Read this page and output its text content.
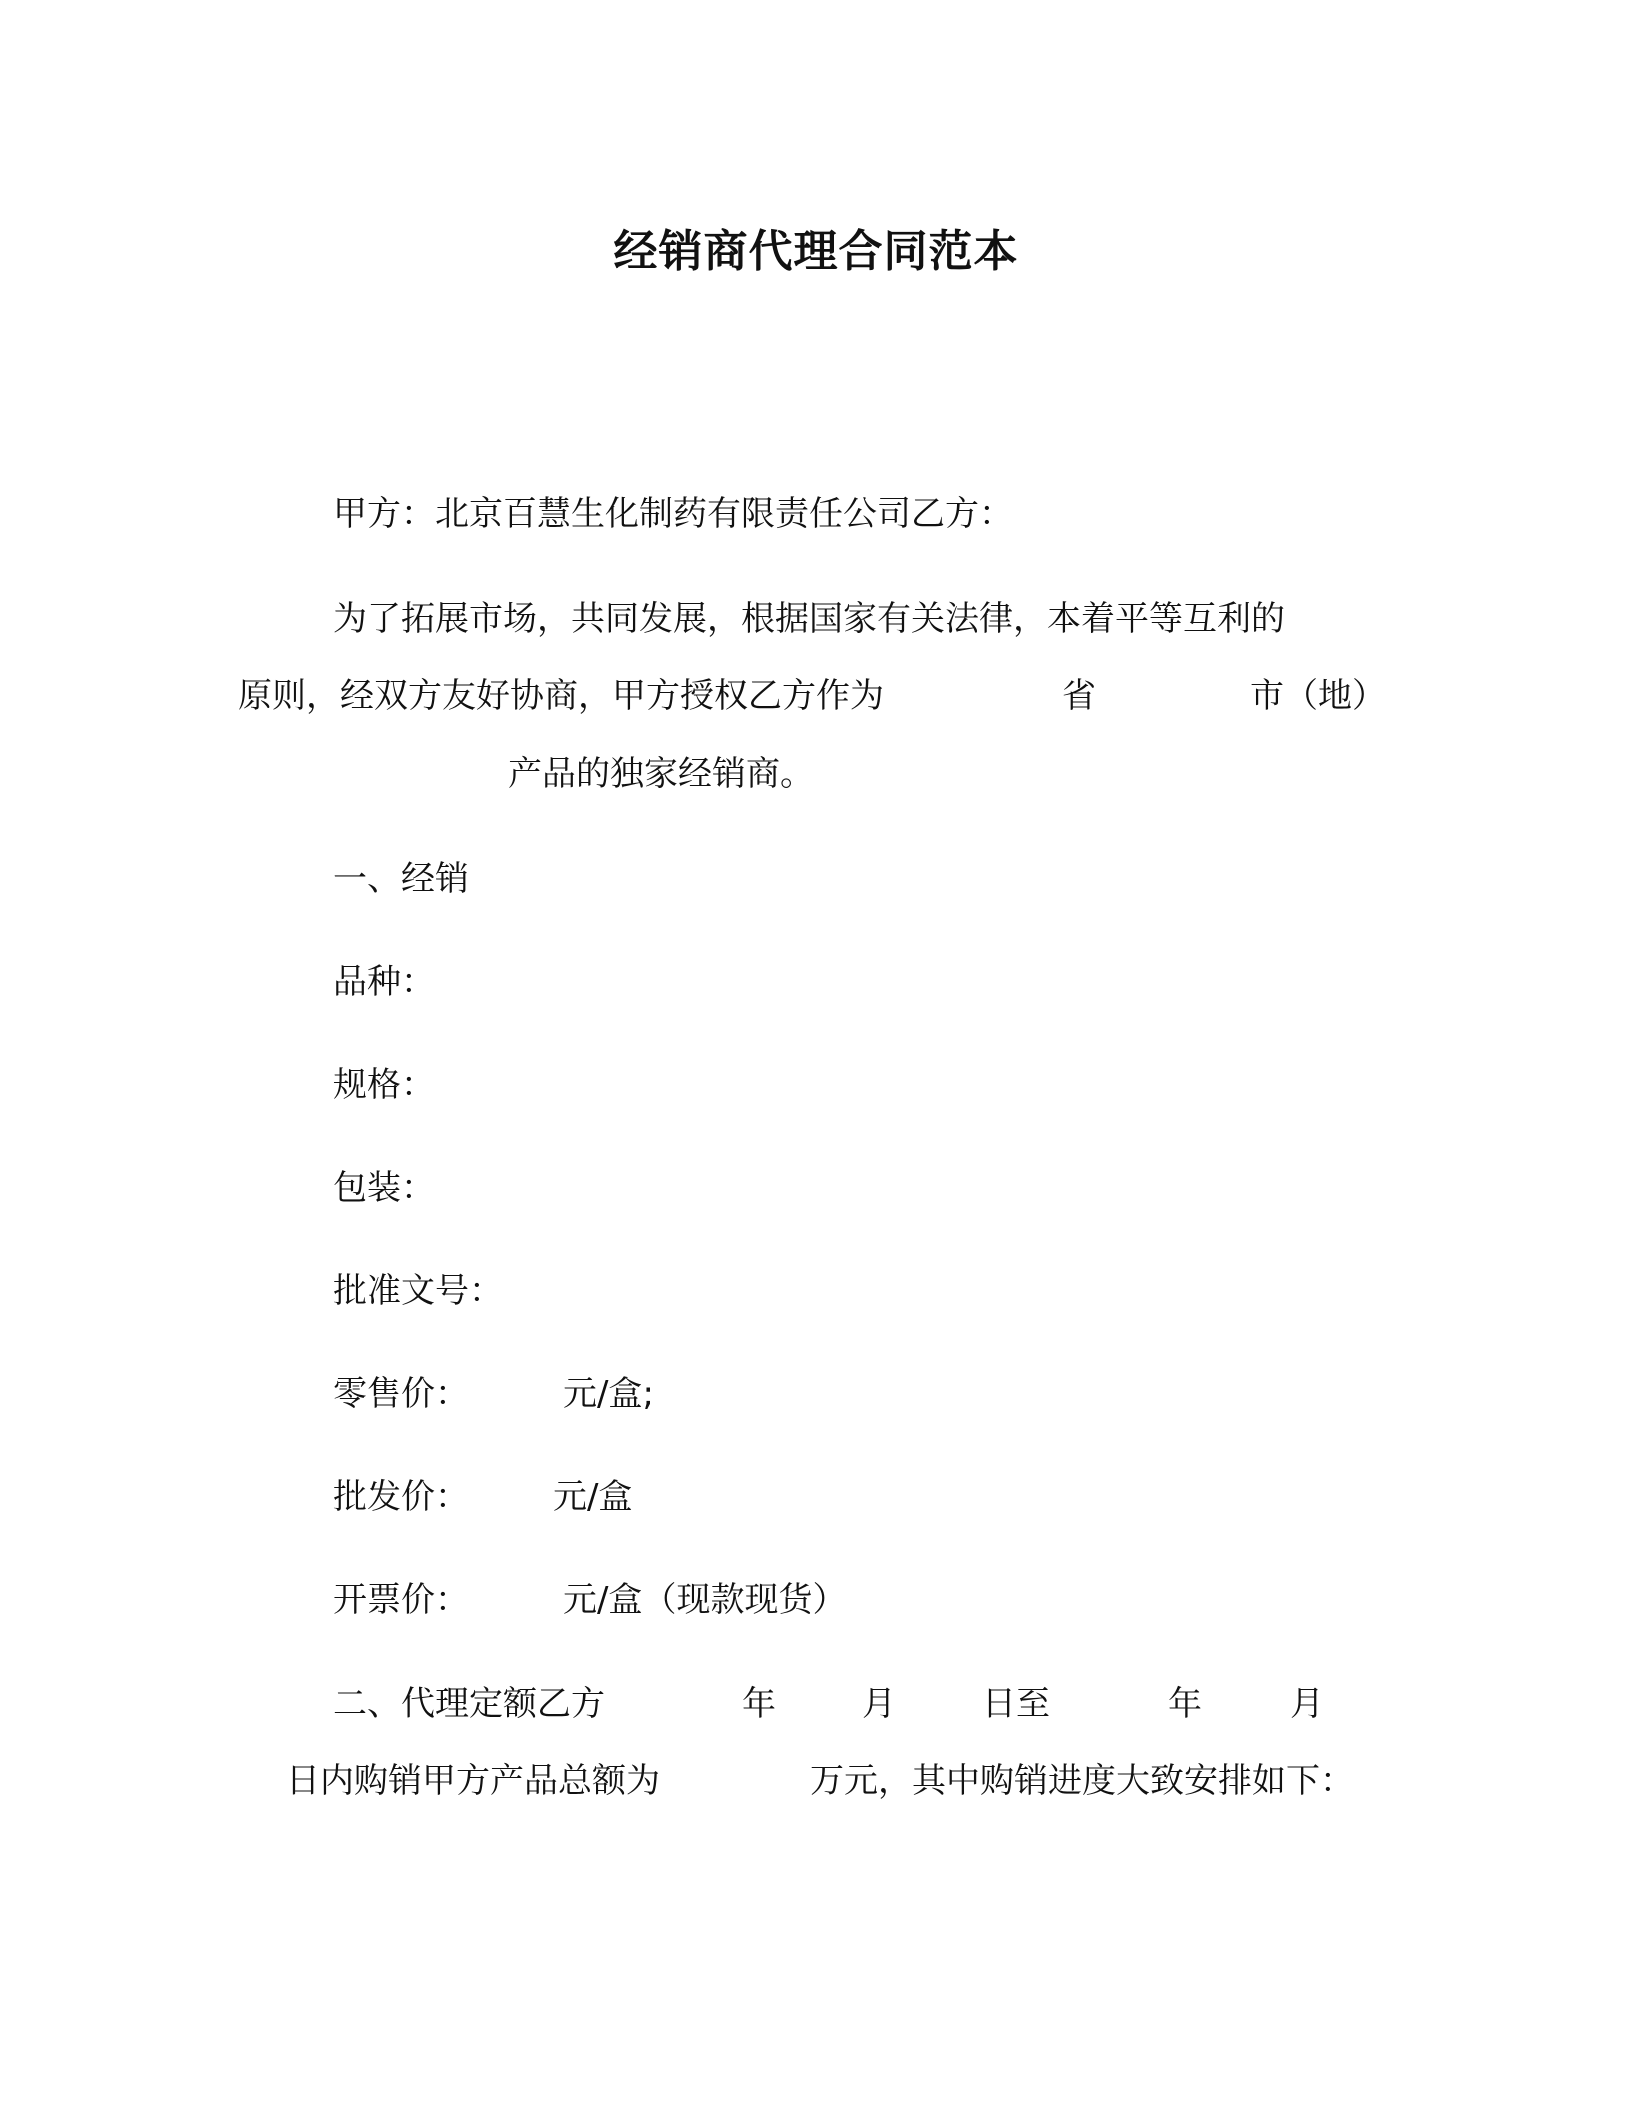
经销商代理合同范本
甲方：北京百慧生化制药有限责任公司乙方：
为了拓展市场，共同发展，根据国家有关法律，本着平等互利的
原则，经双方友好协商，甲方授权乙方作为	省	市（地）
产品的独家经销商。
一、经销
品种：
规格：
包装：
批准文号：
零售价：	元/盒;
批发价： 元/盒
开票价：	元/盒（现款现货）
二、代理定额乙方	年	月	日至	年	月
日内购销甲方产品总额为	万元，其中购销进度大致安排如下：
